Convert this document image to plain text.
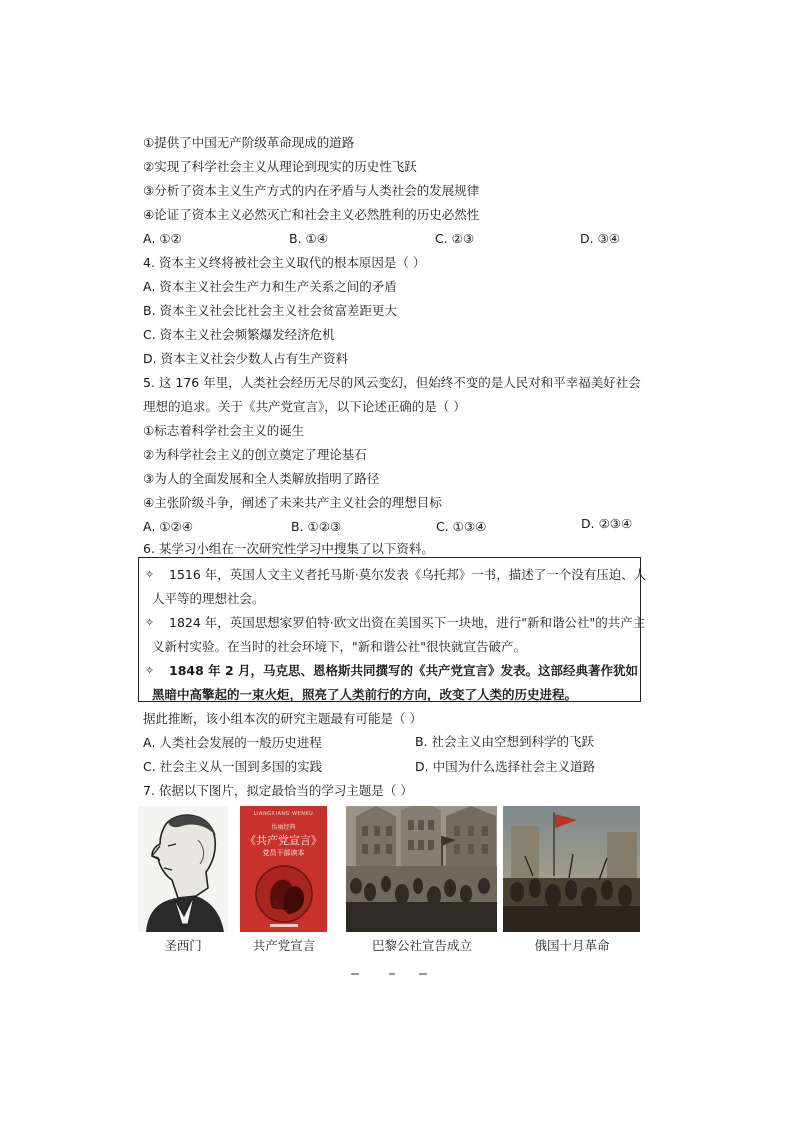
①提供了中国无产阶级革命现成的道路
②实现了科学社会主义从理论到现实的历史性飞跃
③分析了资本主义生产方式的内在矛盾与人类社会的发展规律
④论证了资本主义必然灭亡和社会主义必然胜利的历史必然性
A. ①②	B. ①④	C. ②③	D. ③④
4. 资本主义终将被社会主义取代的根本原因是（ ）
A. 资本主义社会生产力和生产关系之间的矛盾
B. 资本主义社会比社会主义社会贫富差距更大
C. 资本主义社会频繁爆发经济危机
D. 资本主义社会少数人占有生产资料
5. 这 176 年里，人类社会经历无尽的风云变幻，但始终不变的是人民对和平幸福美好社会
理想的追求。关于《共产党宣言》，以下论述正确的是（ ）
①标志着科学社会主义的诞生
②为科学社会主义的创立奠定了理论基石
③为人的全面发展和全人类解放指明了路径
④主张阶级斗争，阐述了未来共产主义社会的理想目标
A. ①②④	B. ①②③	C. ①③④	D. ②③④
6. 某学习小组在一次研究性学习中搜集了以下资料。
✧ 1516 年，英国人文主义者托马斯·莫尔发表《乌托邦》一书，描述了一个没有压迫、人
人平等的理想社会。
✧ 1824 年，英国思想家罗伯特·欧文出资在美国买下一块地，进行"新和谐公社"的共产主
义新村实验。在当时的社会环境下，"新和谐公社"很快就宣告破产。
✧ 1848 年 2 月，马克思、恩格斯共同撰写的《共产党宣言》发表。这部经典著作犹如
黑暗中高擎起的一束火炬，照亮了人类前行的方向，改变了人类的历史进程。
据此推断，该小组本次的研究主题最有可能是（ ）
A. 人类社会发展的一般历史进程	B. 社会主义由空想到科学的飞跃
C. 社会主义从一国到多国的实践	D. 中国为什么选择社会主义道路
7. 依据以下图片，拟定最恰当的学习主题是（ ）
LIANGXIANG WENKU
怡丽经典
《共产党宣言》
党员干部读本
圣西门	共产党宣言	巴黎公社宣告成立	俄国十月革命
